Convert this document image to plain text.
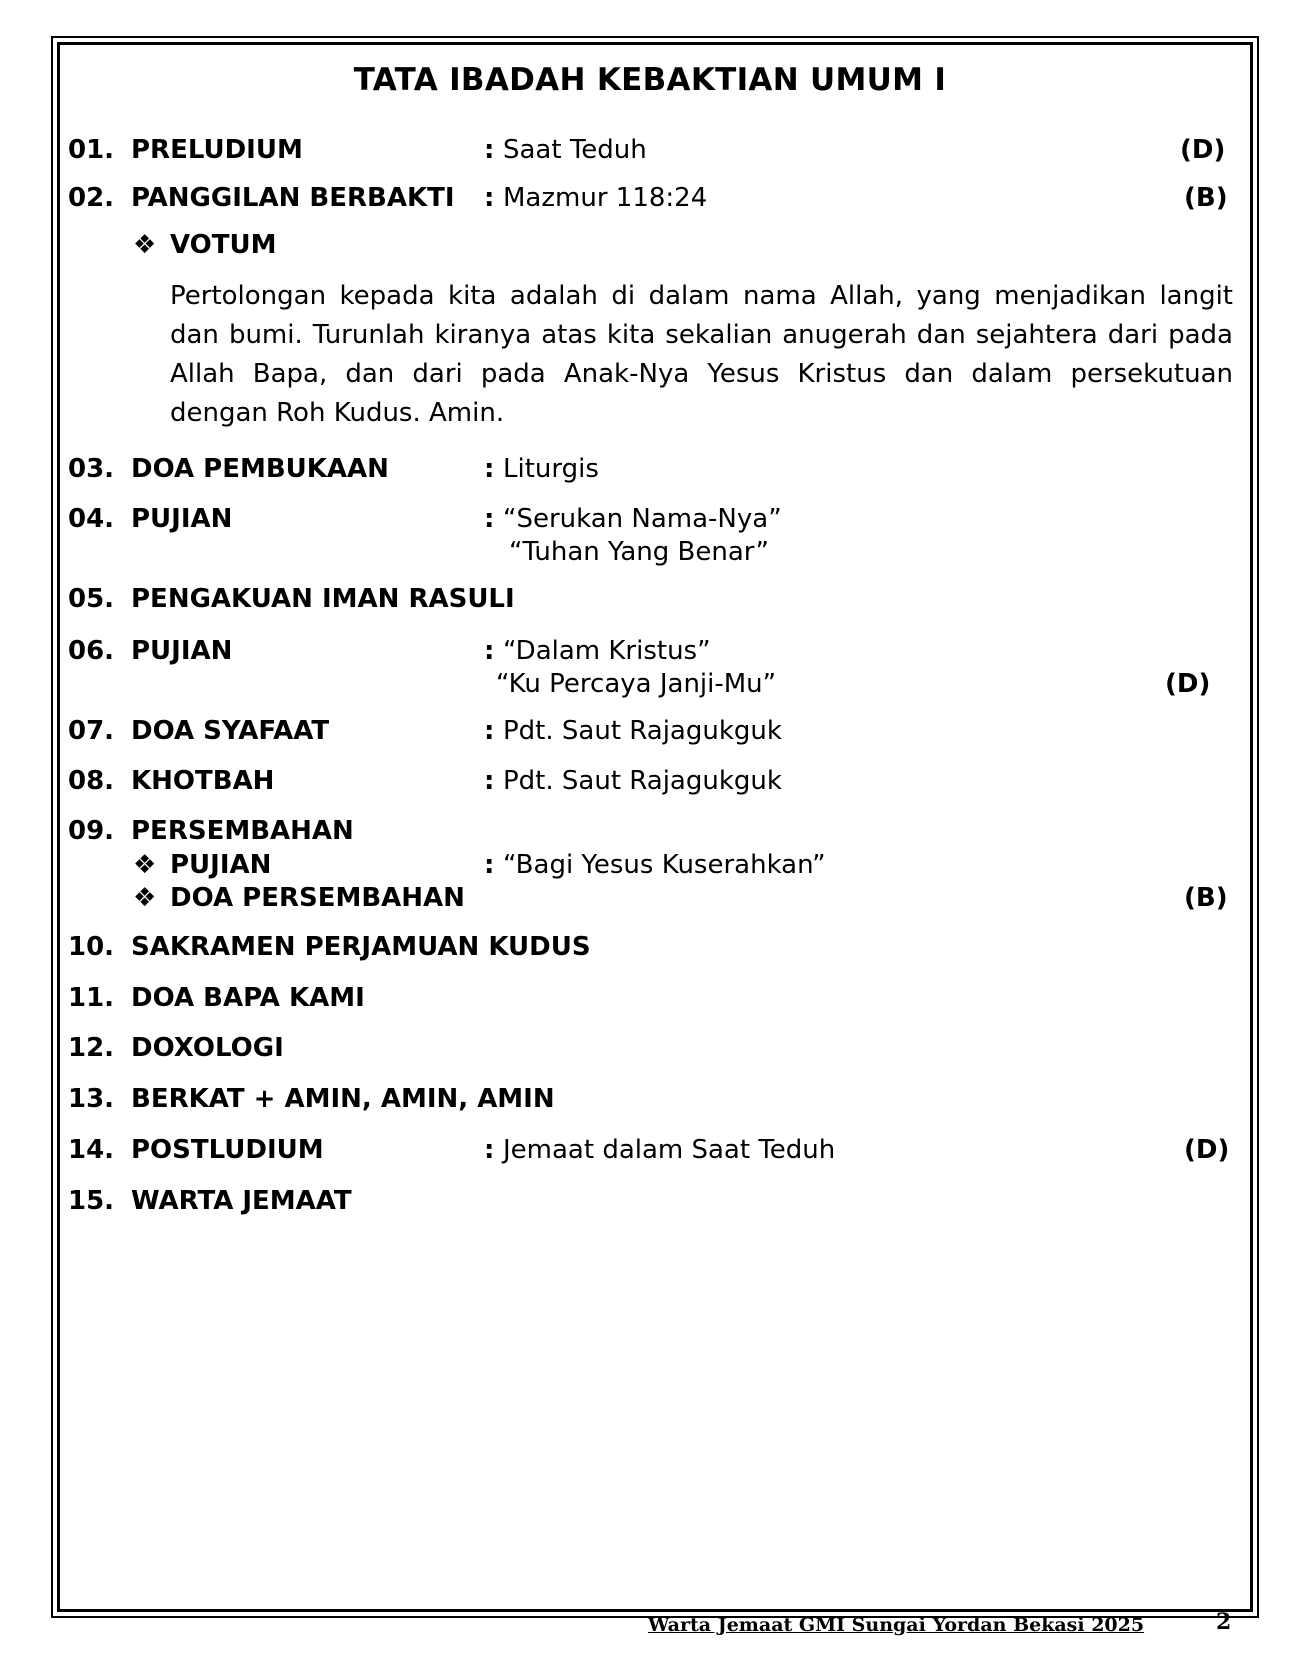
TATA IBADAH KEBAKTIAN UMUM I
01. PRELUDIUM	: Saat Teduh	(D)
02. PANGGILAN BERBAKTI : Mazmur 118:24	(B)
❖ VOTUM
Pertolongan kepada kita adalah di dalam nama Allah, yang menjadikan langit dan bumi. Turunlah kiranya atas kita sekalian anugerah dan sejahtera dari pada Allah Bapa, dan dari pada Anak-Nya Yesus Kristus dan dalam persekutuan dengan Roh Kudus. Amin.
03. DOA PEMBUKAAN	: Liturgis
04. PUJIAN	: “Serukan Nama-Nya”
“Tuhan Yang Benar”
05. PENGAKUAN IMAN RASULI
06. PUJIAN	: “Dalam Kristus”
“Ku Percaya Janji-Mu”	(D)
07. DOA SYAFAAT	: Pdt. Saut Rajagukguk
08. KHOTBAH	: Pdt. Saut Rajagukguk
09. PERSEMBAHAN
❖ PUJIAN	: “Bagi Yesus Kuserahkan”
❖ DOA PERSEMBAHAN	(B)
10. SAKRAMEN PERJAMUAN KUDUS
11. DOA BAPA KAMI
12. DOXOLOGI
13. BERKAT + AMIN, AMIN, AMIN
14. POSTLUDIUM	: Jemaat dalam Saat Teduh	(D)
15. WARTA JEMAAT
Warta Jemaat GMI Sungai Yordan Bekasi 2025	2
